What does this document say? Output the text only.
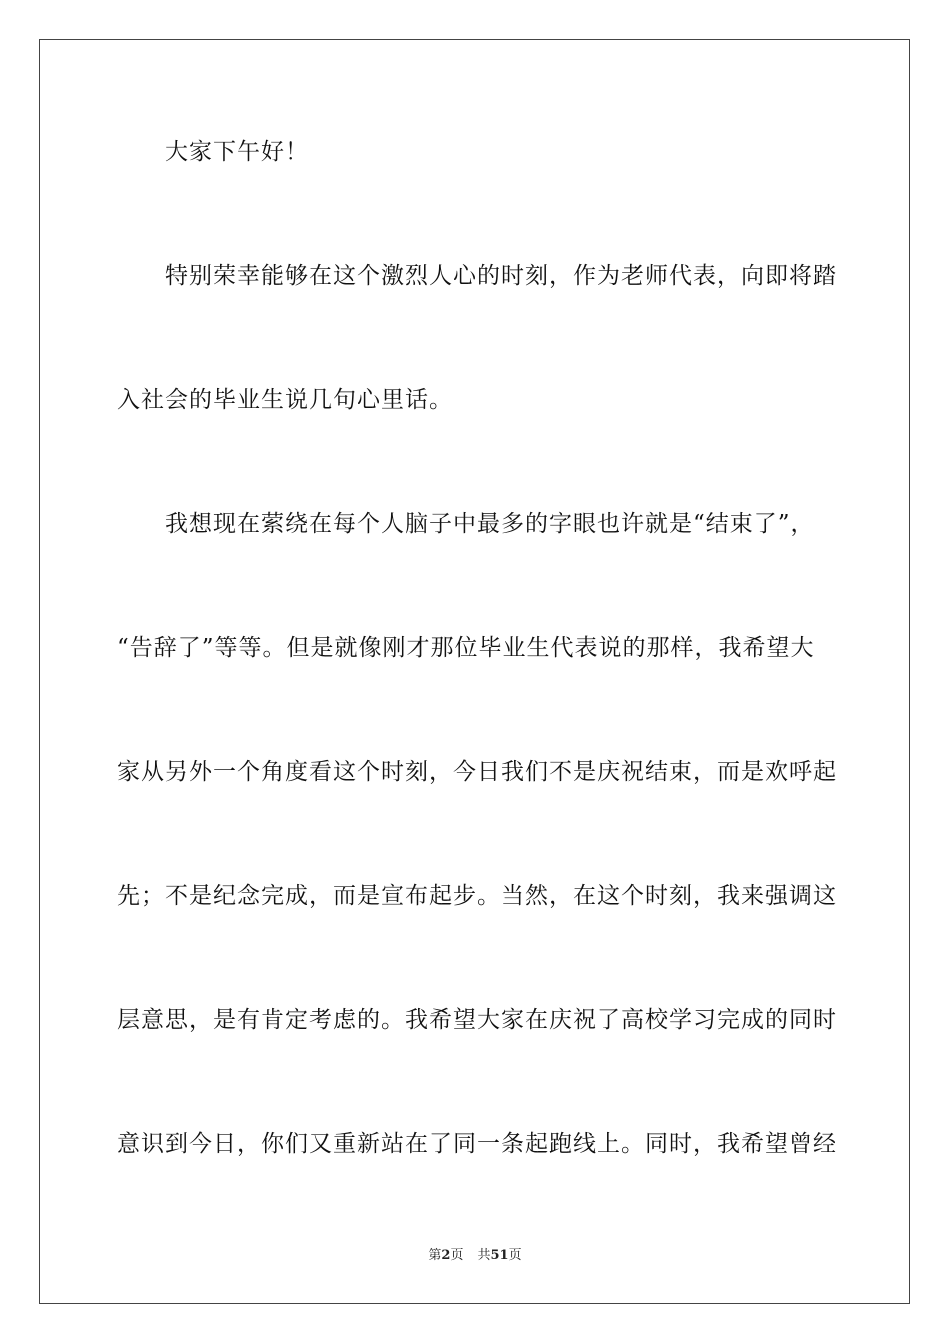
大家下午好！
特别荣幸能够在这个激烈人心的时刻，作为老师代表，向即将踏
入社会的毕业生说几句心里话。
我想现在萦绕在每个人脑子中最多的字眼也许就是“结束了”，
“告辞了”等等。但是就像刚才那位毕业生代表说的那样，我希望大
家从另外一个角度看这个时刻，今日我们不是庆祝结束，而是欢呼起
先；不是纪念完成，而是宣布起步。当然，在这个时刻，我来强调这
层意思，是有肯定考虑的。我希望大家在庆祝了高校学习完成的同时
意识到今日，你们又重新站在了同一条起跑线上。同时，我希望曾经
第2页 共51页
